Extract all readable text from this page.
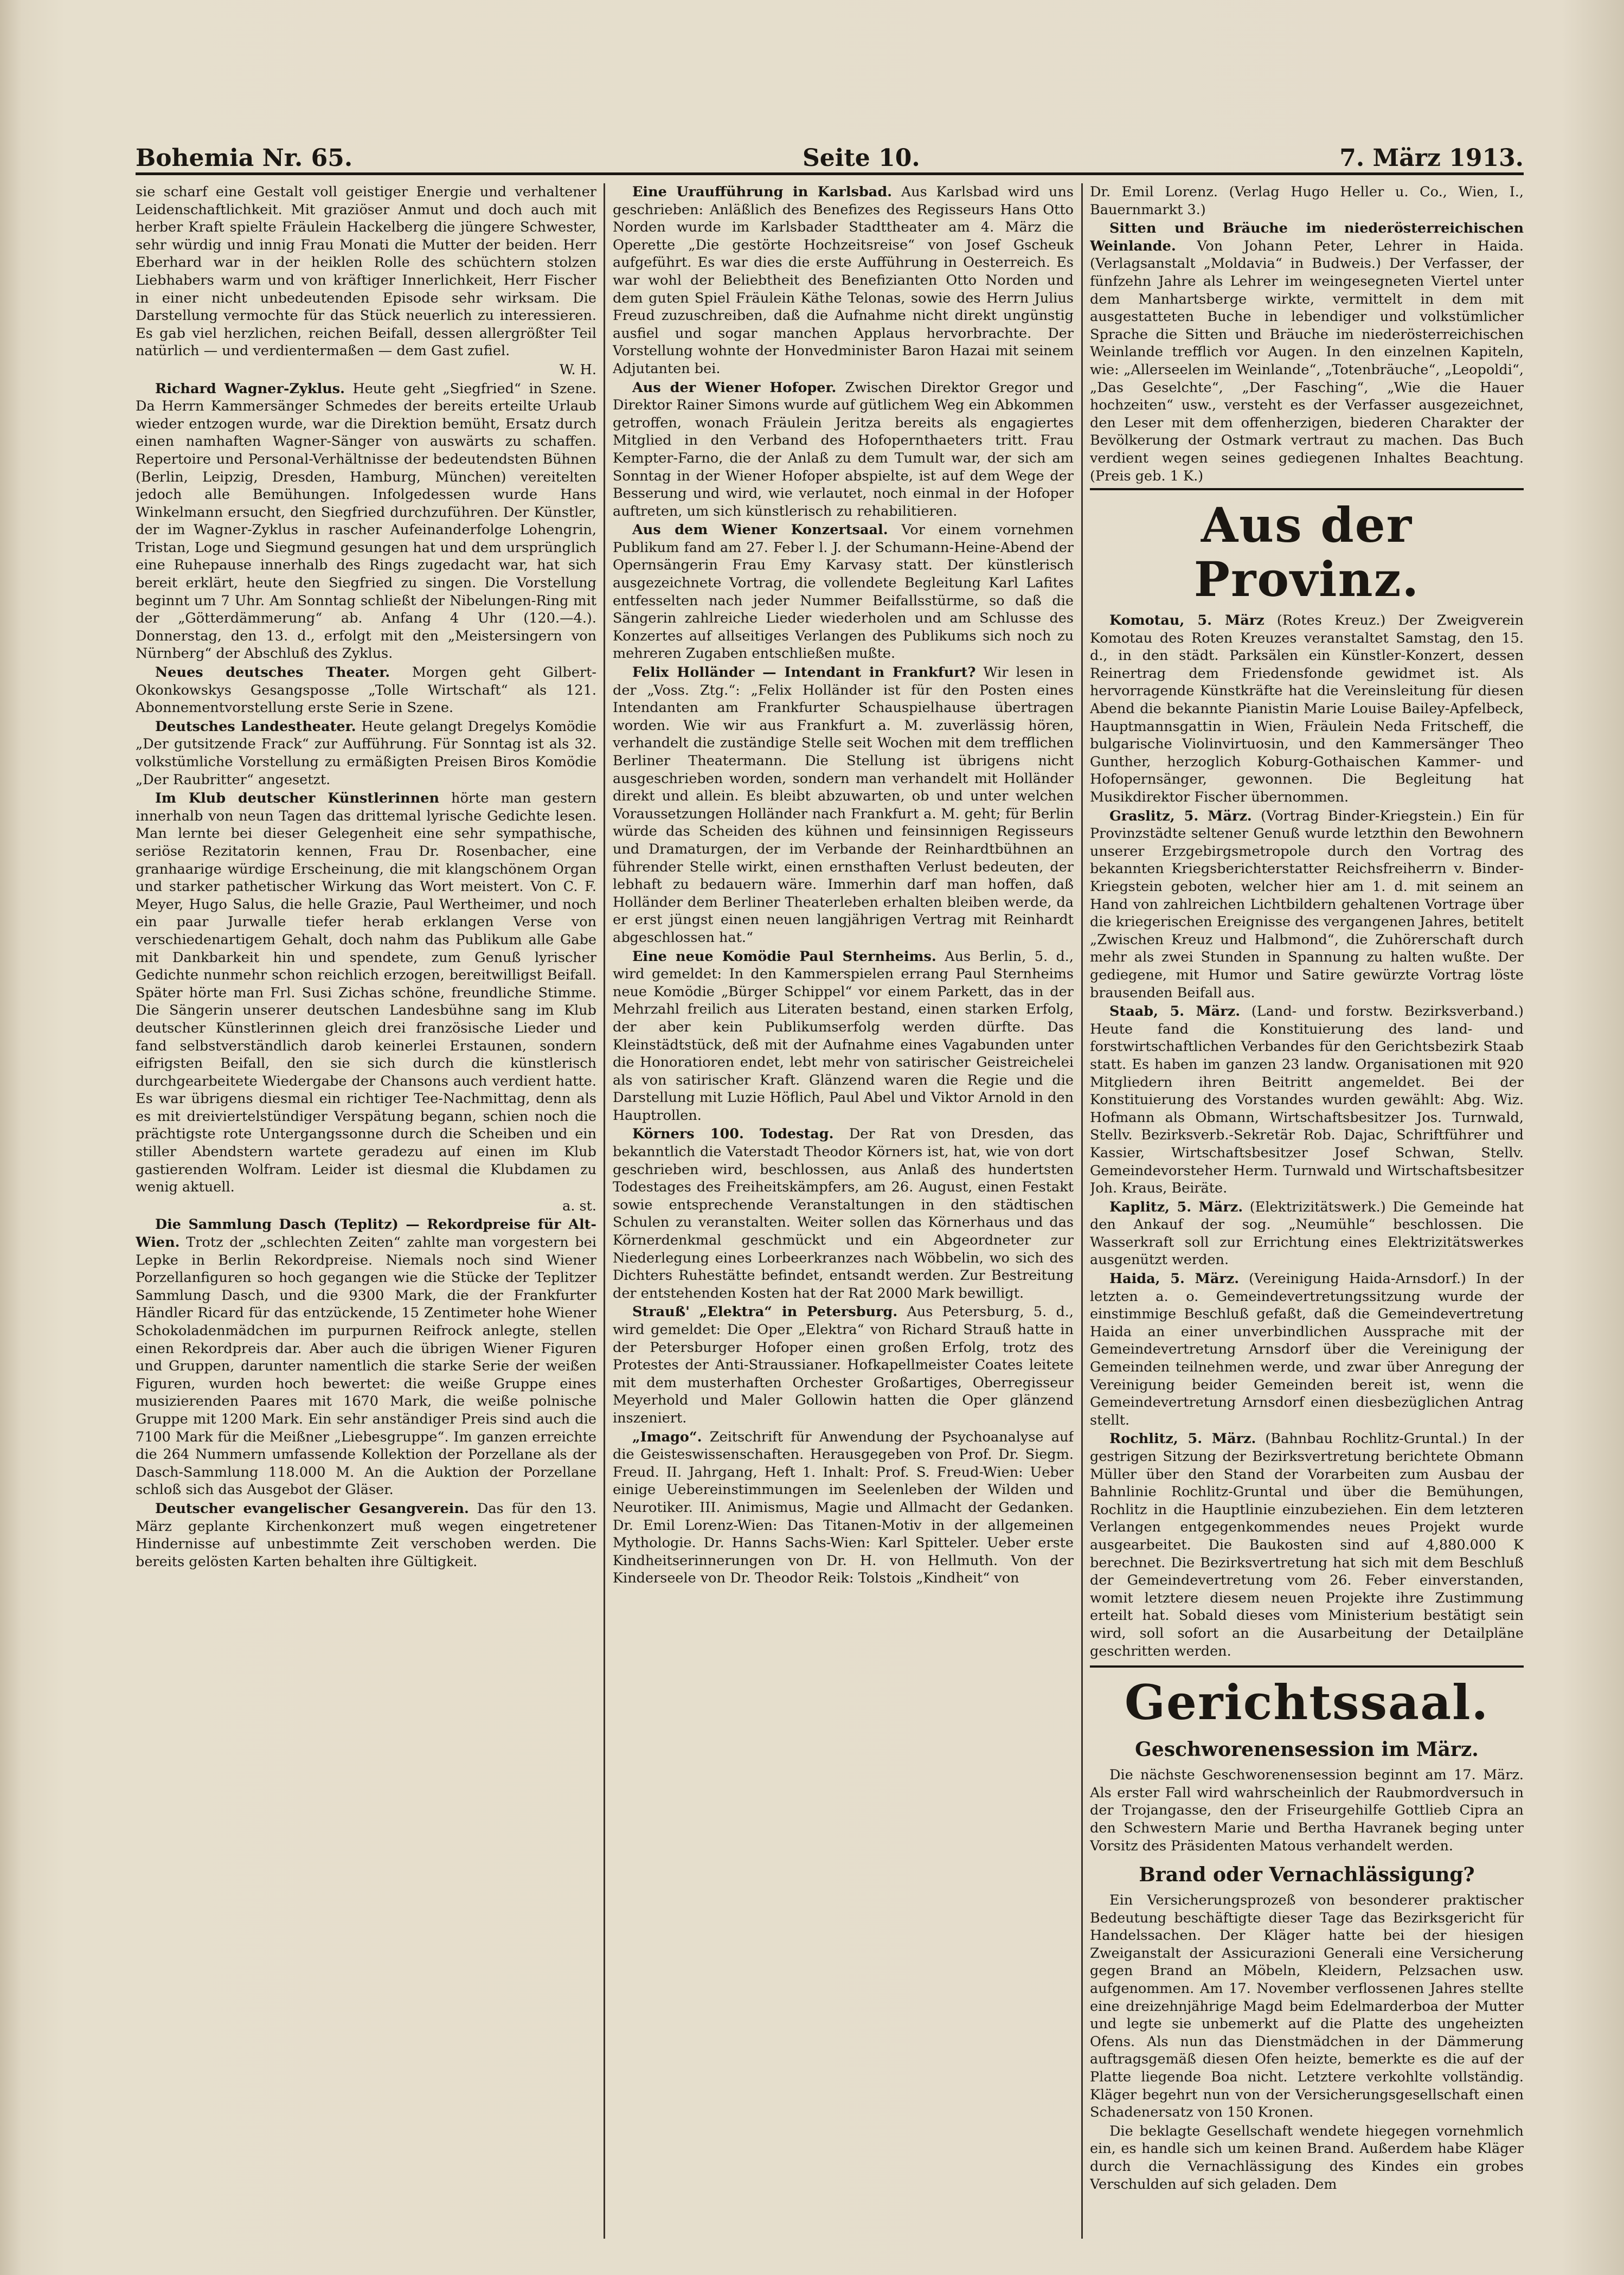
Bohemia Nr. 65.	Seite 10.	7. März 1913.

sie scharf eine Gestalt voll geistiger Energie und verhaltener Leidenschaftlichkeit. Mit graziöser Anmut und doch auch mit herber Kraft spielte Fräulein Hackelberg die jüngere Schwester, sehr würdig und innig Frau Monati die Mutter der beiden. Herr Eberhard war in der heiklen Rolle des schüchtern stolzen Liebhabers warm und von kräftiger Innerlichkeit, Herr Fischer in einer nicht unbedeutenden Episode sehr wirksam. Die Darstellung vermochte für das Stück neuerlich zu interessieren. Es gab viel herzlichen, reichen Beifall, dessen allergrößter Teil natürlich — und verdientermaßen — dem Gast zufiel.

W. H.

Richard Wagner-Zyklus. Heute geht „Siegfried“ in Szene. Da Herrn Kammersänger Schmedes der bereits erteilte Urlaub wieder entzogen wurde, war die Direktion bemüht, Ersatz durch einen namhaften Wagner-Sänger von auswärts zu schaffen. Repertoire und Personal-Verhältnisse der bedeutendsten Bühnen (Berlin, Leipzig, Dresden, Hamburg, München) vereitelten jedoch alle Bemühungen. Infolgedessen wurde Hans Winkelmann ersucht, den Siegfried durchzuführen. Der Künstler, der im Wagner-Zyklus in rascher Aufeinanderfolge Lohengrin, Tristan, Loge und Siegmund gesungen hat und dem ursprünglich eine Ruhepause innerhalb des Rings zugedacht war, hat sich bereit erklärt, heute den Siegfried zu singen. Die Vorstellung beginnt um 7 Uhr. Am Sonntag schließt der Nibelungen-Ring mit der „Götterdämmerung“ ab. Anfang 4 Uhr (120.—4.). Donnerstag, den 13. d., erfolgt mit den „Meistersingern von Nürnberg“ der Abschluß des Zyklus.

Neues deutsches Theater. Morgen geht Gilbert-Okonkowskys Gesangsposse „Tolle Wirtschaft“ als 121. Abonnementvorstellung erste Serie in Szene.

Deutsches Landestheater. Heute gelangt Dregelys Komödie „Der gutsitzende Frack“ zur Aufführung. Für Sonntag ist als 32. volkstümliche Vorstellung zu ermäßigten Preisen Biros Komödie „Der Raubritter“ angesetzt.

Im Klub deutscher Künstlerinnen hörte man gestern innerhalb von neun Tagen das drittemal lyrische Gedichte lesen. Man lernte bei dieser Gelegenheit eine sehr sympathische, seriöse Rezitatorin kennen, Frau Dr. Rosenbacher, eine granhaarige würdige Erscheinung, die mit klangschönem Organ und starker pathetischer Wirkung das Wort meistert. Von C. F. Meyer, Hugo Salus, die helle Grazie, Paul Wertheimer, und noch ein paar Jurwalle tiefer herab erklangen Verse von verschiedenartigem Gehalt, doch nahm das Publikum alle Gabe mit Dankbarkeit hin und spendete, zum Genuß lyrischer Gedichte nunmehr schon reichlich erzogen, bereitwilligst Beifall. Später hörte man Frl. Susi Zichas schöne, freundliche Stimme. Die Sängerin unserer deutschen Landesbühne sang im Klub deutscher Künstlerinnen gleich drei französische Lieder und fand selbstverständlich darob keinerlei Erstaunen, sondern eifrigsten Beifall, den sie sich durch die künstlerisch durchgearbeitete Wiedergabe der Chansons auch verdient hatte. Es war übrigens diesmal ein richtiger Tee-Nachmittag, denn als es mit dreiviertelstündiger Verspätung begann, schien noch die prächtigste rote Untergangssonne durch die Scheiben und ein stiller Abendstern wartete geradezu auf einen im Klub gastierenden Wolfram. Leider ist diesmal die Klubdamen zu wenig aktuell.

a. st.

Die Sammlung Dasch (Teplitz) — Rekordpreise für Alt-Wien. Trotz der „schlechten Zeiten“ zahlte man vorgestern bei Lepke in Berlin Rekordpreise. Niemals noch sind Wiener Porzellanfiguren so hoch gegangen wie die Stücke der Teplitzer Sammlung Dasch, und die 9300 Mark, die der Frankfurter Händler Ricard für das entzückende, 15 Zentimeter hohe Wiener Schokoladenmädchen im purpurnen Reifrock anlegte, stellen einen Rekordpreis dar. Aber auch die übrigen Wiener Figuren und Gruppen, darunter namentlich die starke Serie der weißen Figuren, wurden hoch bewertet: die weiße Gruppe eines musizierenden Paares mit 1670 Mark, die weiße polnische Gruppe mit 1200 Mark. Ein sehr anständiger Preis sind auch die 7100 Mark für die Meißner „Liebesgruppe“. Im ganzen erreichte die 264 Nummern umfassende Kollektion der Porzellane als der Dasch-Sammlung 118.000 M. An die Auktion der Porzellane schloß sich das Ausgebot der Gläser.

Deutscher evangelischer Gesangverein. Das für den 13. März geplante Kirchenkonzert muß wegen eingetretener Hindernisse auf unbestimmte Zeit verschoben werden. Die bereits gelösten Karten behalten ihre Gültigkeit.

Eine Uraufführung in Karlsbad. Aus Karlsbad wird uns geschrieben: Anläßlich des Benefizes des Regisseurs Hans Otto Norden wurde im Karlsbader Stadttheater am 4. März die Operette „Die gestörte Hochzeitsreise“ von Josef Gscheuk aufgeführt. Es war dies die erste Aufführung in Oesterreich. Es war wohl der Beliebtheit des Benefizianten Otto Norden und dem guten Spiel Fräulein Käthe Telonas, sowie des Herrn Julius Freud zuzuschreiben, daß die Aufnahme nicht direkt ungünstig ausfiel und sogar manchen Applaus hervorbrachte. Der Vorstellung wohnte der Honvedminister Baron Hazai mit seinem Adjutanten bei.

Aus der Wiener Hofoper. Zwischen Direktor Gregor und Direktor Rainer Simons wurde auf gütlichem Weg ein Abkommen getroffen, wonach Fräulein Jeritza bereits als engagiertes Mitglied in den Verband des Hofopernthaeters tritt. Frau Kempter-Farno, die der Anlaß zu dem Tumult war, der sich am Sonntag in der Wiener Hofoper abspielte, ist auf dem Wege der Besserung und wird, wie verlautet, noch einmal in der Hofoper auftreten, um sich künstlerisch zu rehabilitieren.

Aus dem Wiener Konzertsaal. Vor einem vornehmen Publikum fand am 27. Feber l. J. der Schumann-Heine-Abend der Opernsängerin Frau Emy Karvasy statt. Der künstlerisch ausgezeichnete Vortrag, die vollendete Begleitung Karl Lafites entfesselten nach jeder Nummer Beifallsstürme, so daß die Sängerin zahlreiche Lieder wiederholen und am Schlusse des Konzertes auf allseitiges Verlangen des Publikums sich noch zu mehreren Zugaben entschließen mußte.

Felix Holländer — Intendant in Frankfurt? Wir lesen in der „Voss. Ztg.“: „Felix Holländer ist für den Posten eines Intendanten am Frankfurter Schauspielhause übertragen worden. Wie wir aus Frankfurt a. M. zuverlässig hören, verhandelt die zuständige Stelle seit Wochen mit dem trefflichen Berliner Theatermann. Die Stellung ist übrigens nicht ausgeschrieben worden, sondern man verhandelt mit Holländer direkt und allein. Es bleibt abzuwarten, ob und unter welchen Voraussetzungen Holländer nach Frankfurt a. M. geht; für Berlin würde das Scheiden des kühnen und feinsinnigen Regisseurs und Dramaturgen, der im Verbande der Reinhardtbühnen an führender Stelle wirkt, einen ernsthaften Verlust bedeuten, der lebhaft zu bedauern wäre. Immerhin darf man hoffen, daß Holländer dem Berliner Theaterleben erhalten bleiben werde, da er erst jüngst einen neuen langjährigen Vertrag mit Reinhardt abgeschlossen hat.“

Eine neue Komödie Paul Sternheims. Aus Berlin, 5. d., wird gemeldet: In den Kammerspielen errang Paul Sternheims neue Komödie „Bürger Schippel“ vor einem Parkett, das in der Mehrzahl freilich aus Literaten bestand, einen starken Erfolg, der aber kein Publikumserfolg werden dürfte. Das Kleinstädtstück, deß mit der Aufnahme eines Vagabunden unter die Honoratioren endet, lebt mehr von satirischer Geistreichelei als von satirischer Kraft. Glänzend waren die Regie und die Darstellung mit Luzie Höflich, Paul Abel und Viktor Arnold in den Hauptrollen.

Körners 100. Todestag. Der Rat von Dresden, das bekanntlich die Vaterstadt Theodor Körners ist, hat, wie von dort geschrieben wird, beschlossen, aus Anlaß des hundertsten Todestages des Freiheitskämpfers, am 26. August, einen Festakt sowie entsprechende Veranstaltungen in den städtischen Schulen zu veranstalten. Weiter sollen das Körnerhaus und das Körnerdenkmal geschmückt und ein Abgeordneter zur Niederlegung eines Lorbeerkranzes nach Wöbbelin, wo sich des Dichters Ruhestätte befindet, entsandt werden. Zur Bestreitung der entstehenden Kosten hat der Rat 2000 Mark bewilligt.

Strauß' „Elektra“ in Petersburg. Aus Petersburg, 5. d., wird gemeldet: Die Oper „Elektra“ von Richard Strauß hatte in der Petersburger Hofoper einen großen Erfolg, trotz des Protestes der Anti-Straussianer. Hofkapellmeister Coates leitete mit dem musterhaften Orchester Großartiges, Oberregisseur Meyerhold und Maler Gollowin hatten die Oper glänzend inszeniert.

„Imago“. Zeitschrift für Anwendung der Psychoanalyse auf die Geisteswissenschaften. Herausgegeben von Prof. Dr. Siegm. Freud. II. Jahrgang, Heft 1. Inhalt: Prof. S. Freud-Wien: Ueber einige Uebereinstimmungen im Seelenleben der Wilden und Neurotiker. III. Animismus, Magie und Allmacht der Gedanken. Dr. Emil Lorenz-Wien: Das Titanen-Motiv in der allgemeinen Mythologie. Dr. Hanns Sachs-Wien: Karl Spitteler. Ueber erste Kindheitserinnerungen von Dr. H. von Hellmuth. Von der Kinderseele von Dr. Theodor Reik: Tolstois „Kindheit“ von

Dr. Emil Lorenz. (Verlag Hugo Heller u. Co., Wien, I., Bauernmarkt 3.)

Sitten und Bräuche im niederösterreichischen Weinlande. Von Johann Peter, Lehrer in Haida. (Verlagsanstalt „Moldavia“ in Budweis.) Der Verfasser, der fünfzehn Jahre als Lehrer im weingesegneten Viertel unter dem Manhartsberge wirkte, vermittelt in dem mit ausgestatteten Buche in lebendiger und volkstümlicher Sprache die Sitten und Bräuche im niederösterreichischen Weinlande trefflich vor Augen. In den einzelnen Kapiteln, wie: „Allerseelen im Weinlande“, „Totenbräuche“, „Leopoldi“, „Das Geselchte“, „Der Fasching“, „Wie die Hauer hochzeiten“ usw., versteht es der Verfasser ausgezeichnet, den Leser mit dem offenherzigen, biederen Charakter der Bevölkerung der Ostmark vertraut zu machen. Das Buch verdient wegen seines gediegenen Inhaltes Beachtung. (Preis geb. 1 K.)

Aus der Provinz.

Komotau, 5. März (Rotes Kreuz.) Der Zweigverein Komotau des Roten Kreuzes veranstaltet Samstag, den 15. d., in den städt. Parksälen ein Künstler-Konzert, dessen Reinertrag dem Friedensfonde gewidmet ist. Als hervorragende Künstkräfte hat die Vereinsleitung für diesen Abend die bekannte Pianistin Marie Louise Bailey-Apfelbeck, Hauptmannsgattin in Wien, Fräulein Neda Fritscheff, die bulgarische Violinvirtuosin, und den Kammersänger Theo Gunther, herzoglich Koburg-Gothaischen Kammer- und Hofopernsänger, gewonnen. Die Begleitung hat Musikdirektor Fischer übernommen.

Graslitz, 5. März. (Vortrag Binder-Kriegstein.) Ein für Provinzstädte seltener Genuß wurde letzthin den Bewohnern unserer Erzgebirgsmetropole durch den Vortrag des bekannten Kriegsberichterstatter Reichsfreiherrn v. Binder-Kriegstein geboten, welcher hier am 1. d. mit seinem an Hand von zahlreichen Lichtbildern gehaltenen Vortrage über die kriegerischen Ereignisse des vergangenen Jahres, betitelt „Zwischen Kreuz und Halbmond“, die Zuhörerschaft durch mehr als zwei Stunden in Spannung zu halten wußte. Der gediegene, mit Humor und Satire gewürzte Vortrag löste brausenden Beifall aus.

Staab, 5. März. (Land- und forstw. Bezirksverband.) Heute fand die Konstituierung des land- und forstwirtschaftlichen Verbandes für den Gerichtsbezirk Staab statt. Es haben im ganzen 23 landw. Organisationen mit 920 Mitgliedern ihren Beitritt angemeldet. Bei der Konstituierung des Vorstandes wurden gewählt: Abg. Wiz. Hofmann als Obmann, Wirtschaftsbesitzer Jos. Turnwald, Stellv. Bezirksverb.-Sekretär Rob. Dajac, Schriftführer und Kassier, Wirtschaftsbesitzer Josef Schwan, Stellv. Gemeindevorsteher Herm. Turnwald und Wirtschaftsbesitzer Joh. Kraus, Beiräte.

Kaplitz, 5. März. (Elektrizitätswerk.) Die Gemeinde hat den Ankauf der sog. „Neumühle“ beschlossen. Die Wasserkraft soll zur Errichtung eines Elektrizitätswerkes ausgenützt werden.

Haida, 5. März. (Vereinigung Haida-Arnsdorf.) In der letzten a. o. Gemeindevertretungssitzung wurde der einstimmige Beschluß gefaßt, daß die Gemeindevertretung Haida an einer unverbindlichen Aussprache mit der Gemeindevertretung Arnsdorf über die Vereinigung der Gemeinden teilnehmen werde, und zwar über Anregung der Vereinigung beider Gemeinden bereit ist, wenn die Gemeindevertretung Arnsdorf einen diesbezüglichen Antrag stellt.

Rochlitz, 5. März. (Bahnbau Rochlitz-Gruntal.) In der gestrigen Sitzung der Bezirksvertretung berichtete Obmann Müller über den Stand der Vorarbeiten zum Ausbau der Bahnlinie Rochlitz-Gruntal und über die Bemühungen, Rochlitz in die Hauptlinie einzubeziehen. Ein dem letzteren Verlangen entgegenkommendes neues Projekt wurde ausgearbeitet. Die Baukosten sind auf 4,880.000 K berechnet. Die Bezirksvertretung hat sich mit dem Beschluß der Gemeindevertretung vom 26. Feber einverstanden, womit letztere diesem neuen Projekte ihre Zustimmung erteilt hat. Sobald dieses vom Ministerium bestätigt sein wird, soll sofort an die Ausarbeitung der Detailpläne geschritten werden.

Gerichtssaal.
Geschworenensession im März.

Die nächste Geschworenensession beginnt am 17. März. Als erster Fall wird wahrscheinlich der Raubmordversuch in der Trojangasse, den der Friseurgehilfe Gottlieb Cipra an den Schwestern Marie und Bertha Havranek beging unter Vorsitz des Präsidenten Matous verhandelt werden.

Brand oder Vernachlässigung?

Ein Versicherungsprozeß von besonderer praktischer Bedeutung beschäftigte dieser Tage das Bezirksgericht für Handelssachen. Der Kläger hatte bei der hiesigen Zweiganstalt der Assicurazioni Generali eine Versicherung gegen Brand an Möbeln, Kleidern, Pelzsachen usw. aufgenommen. Am 17. November verflossenen Jahres stellte eine dreizehnjährige Magd beim Edelmarderboa der Mutter und legte sie unbemerkt auf die Platte des ungeheizten Ofens. Als nun das Dienstmädchen in der Dämmerung auftragsgemäß diesen Ofen heizte, bemerkte es die auf der Platte liegende Boa nicht. Letztere verkohlte vollständig. Kläger begehrt nun von der Versicherungsgesellschaft einen Schadenersatz von 150 Kronen.

Die beklagte Gesellschaft wendete hiegegen vornehmlich ein, es handle sich um keinen Brand. Außerdem habe Kläger durch die Vernachlässigung des Kindes ein grobes Verschulden auf sich geladen. Dem
